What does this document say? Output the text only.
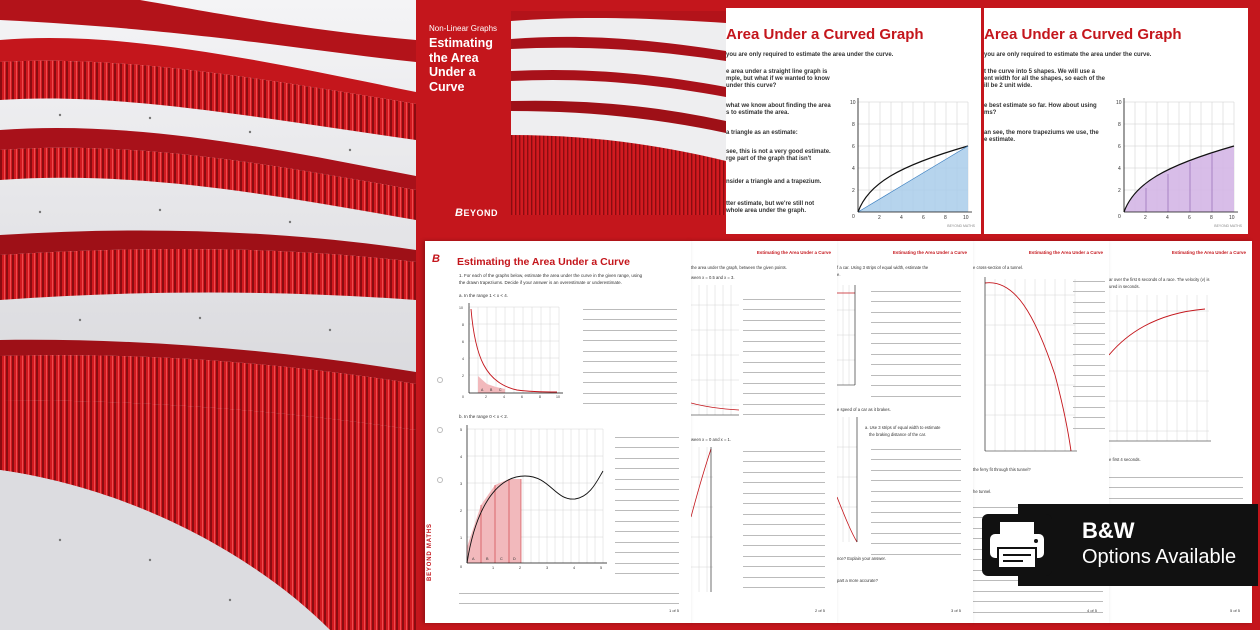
Non-Linear Graphs
Estimating the Area Under a Curve
BEYOND
Area Under a Curved Graph
you are only required to estimate the area under the curve.
e area under a straight line graph is
mple, but what if we wanted to know
under this curve?
what we know about finding the area
s to estimate the area.
a triangle as an estimate:
see, this is not a very good estimate.
rge part of the graph that isn't
nsider a triangle and a trapezium.
tter estimate, but we're still not
whole area under the graph.
10
8
6
4
2
0	2	4	6	8	10
BEYOND MATHS
Area Under a Curved Graph
you are only required to estimate the area under the curve.
t the curve into 5 shapes. We will use a
ent width for all the shapes, so each of the
ill be 2 unit wide.
e best estimate so far. How about using
ms?
an see, the more trapeziums we use, the
e estimate.
10
8
6
4
2
0	2	4	6	8	10
BEYOND MATHS
B
BEYOND MATHS
Estimating the Area Under a Curve
1. For each of the graphs below, estimate the area under the curve in the given range, using the drawn trapeziums. Decide if your answer is an overestimate or underestimate.
a. In the range 1 < x < 4.
10
8
6
4
2
0	2	4	6	8	10
A B C
b. In the range 0 < x < 2.
5
4
3
2
1
0	1	2	3	4	5
A	B	C	D
1 of 5
Estimating the Area Under a Curve
the area under the graph, between the given points.
ween x = 0.5 and x = 3.
ween x = 0 and x = 1.
2 of 5
Estimating the Area Under a Curve
f a car. Using 3 strips of equal width, estimate the
e.
e speed of a car as it brakes.
a. Use 3 strips of equal width to estimate
the braking distance of the car.
nce? Explain your answer.
part a more accurate?
3 of 5
Estimating the Area Under a Curve
e cross-section of a tunnel.
the ferry fit through this tunnel?
he tunnel.
4 of 5
Estimating the Area Under a Curve
ar over the first 6 seconds of a race. The velocity (v) is
ured in seconds.
e first 4 seconds.
5 of 5
B&W
Options Available
